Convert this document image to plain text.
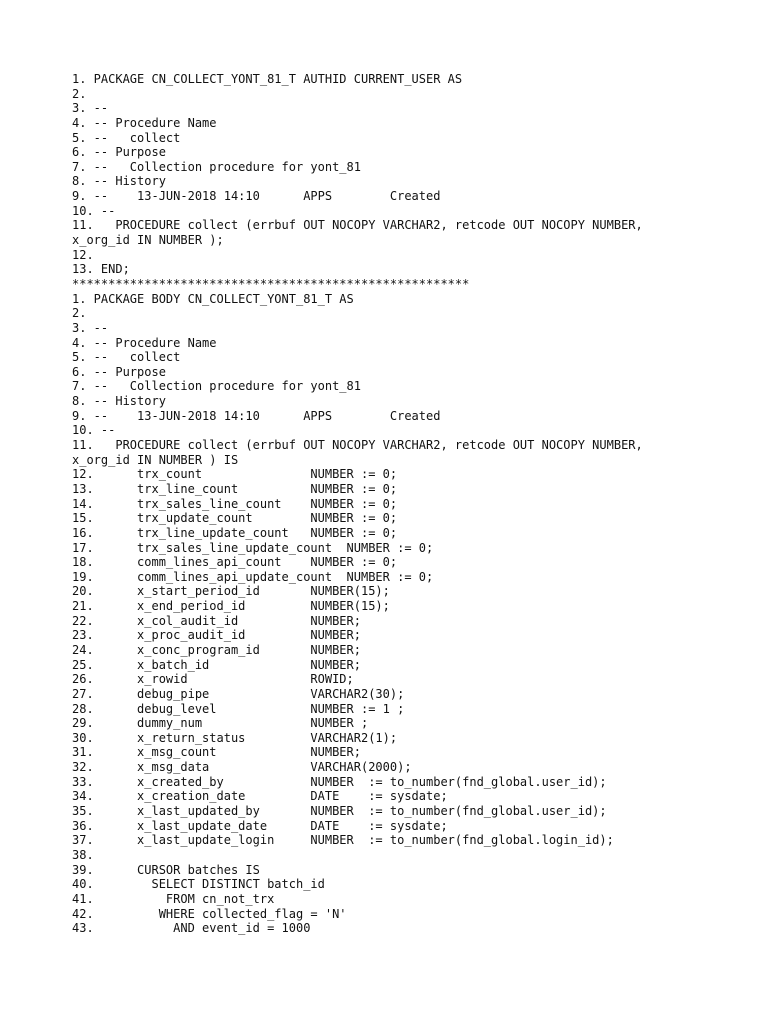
1. PACKAGE CN_COLLECT_YONT_81_T AUTHID CURRENT_USER AS
2.
3. --
4. -- Procedure Name
5. --   collect
6. -- Purpose
7. --   Collection procedure for yont_81
8. -- History
9. --    13-JUN-2018 14:10      APPS        Created
10. --
11.   PROCEDURE collect (errbuf OUT NOCOPY VARCHAR2, retcode OUT NOCOPY NUMBER,
x_org_id IN NUMBER );
12.
13. END;
*******************************************************
1. PACKAGE BODY CN_COLLECT_YONT_81_T AS
2.
3. --
4. -- Procedure Name
5. --   collect
6. -- Purpose
7. --   Collection procedure for yont_81
8. -- History
9. --    13-JUN-2018 14:10      APPS        Created
10. --
11.   PROCEDURE collect (errbuf OUT NOCOPY VARCHAR2, retcode OUT NOCOPY NUMBER,
x_org_id IN NUMBER ) IS
12.      trx_count               NUMBER := 0;
13.      trx_line_count          NUMBER := 0;
14.      trx_sales_line_count    NUMBER := 0;
15.      trx_update_count        NUMBER := 0;
16.      trx_line_update_count   NUMBER := 0;
17.      trx_sales_line_update_count  NUMBER := 0;
18.      comm_lines_api_count    NUMBER := 0;
19.      comm_lines_api_update_count  NUMBER := 0;
20.      x_start_period_id       NUMBER(15);
21.      x_end_period_id         NUMBER(15);
22.      x_col_audit_id          NUMBER;
23.      x_proc_audit_id         NUMBER;
24.      x_conc_program_id       NUMBER;
25.      x_batch_id              NUMBER;
26.      x_rowid                 ROWID;
27.      debug_pipe              VARCHAR2(30);
28.      debug_level             NUMBER := 1 ;
29.      dummy_num               NUMBER ;
30.      x_return_status         VARCHAR2(1);
31.      x_msg_count             NUMBER;
32.      x_msg_data              VARCHAR(2000);
33.      x_created_by            NUMBER  := to_number(fnd_global.user_id);
34.      x_creation_date         DATE    := sysdate;
35.      x_last_updated_by       NUMBER  := to_number(fnd_global.user_id);
36.      x_last_update_date      DATE    := sysdate;
37.      x_last_update_login     NUMBER  := to_number(fnd_global.login_id);
38.
39.      CURSOR batches IS
40.        SELECT DISTINCT batch_id
41.          FROM cn_not_trx
42.         WHERE collected_flag = 'N'
43.           AND event_id = 1000
